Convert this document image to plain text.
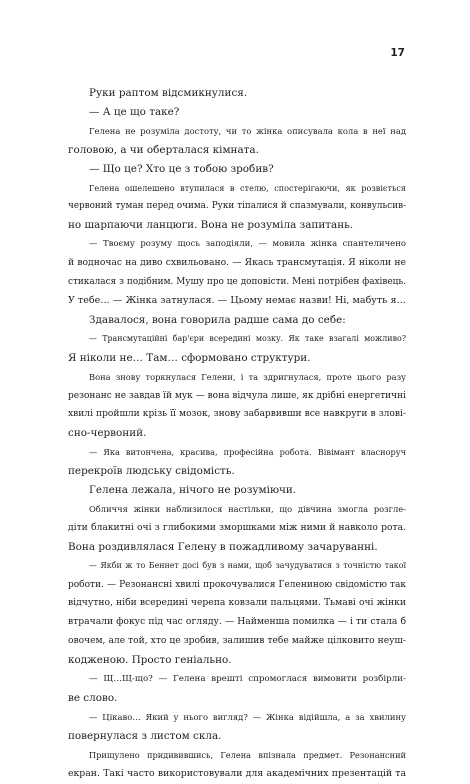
17
Руки раптом відсмикнулися.
— А це що таке?
Гелена не розуміла достоту, чи то жінка описувала кола в неї над
головою, а чи оберталася кімната.
— Що це? Хто це з тобою зробив?
Гелена ошелешено втупилася в стелю, спостерігаючи, як розвіється
червоний туман перед очима. Руки тіпалися й спазмували, конвульсив-
но шарпаючи ланцюги. Вона не розуміла запитань.
— Твоєму розуму щось заподіяли, — мовила жінка спантеличено
й водночас на диво схвильовано. — Якась трансмутація. Я ніколи не
стикалася з подібним. Мушу про це доповісти. Мені потрібен фахівець.
У тебе… — Жінка затнулася. — Цьому немає назви! Ні, мабуть я…
Здавалося, вона говорила радше сама до себе:
— Трансмутаційні бар'єри всередині мозку. Як таке взагалі можливо?
Я ніколи не… Там… сформовано структури.
Вона знову торкнулася Гелени, і та здригнулася, проте цього разу
резонанс не завдав їй мук — вона відчула лише, як дрібні енергетичні
хвилі пройшли крізь її мозок, знову забарвивши все навкруги в злові-
сно-червоний.
— Яка витончена, красива, професійна робота. Вівімант власноруч
перекроїв людську свідомість.
Гелена лежала, нічого не розуміючи.
Обличчя жінки наблизилося настільки, що дівчина змогла розгле-
діти блакитні очі з глибокими зморшками між ними й навколо рота.
Вона роздивлялася Гелену в пожадливому зачаруванні.
— Якби ж то Беннет досі був з нами, щоб зачудуватися з точністю такої
роботи. — Резонансні хвилі прокочувалися Гелениною свідомістю так
відчутно, ніби всередині черепа ковзали пальцями. Тьмаві очі жінки
втрачали фокус під час огляду. — Найменша помилка — і ти стала б
овочем, але той, хто це зробив, залишив тебе майже цілковито неуш-
кодженою. Просто геніально.
— Щ…Щ-що? — Гелена врешті спромоглася вимовити розбірли-
ве слово.
— Цікаво… Який у нього вигляд? — Жінка відійшла, а за хвилину
повернулася з листом скла.
Прищулено придивившись, Гелена впізнала предмет. Резонансний
екран. Такі часто використовували для академічних презентацій та
